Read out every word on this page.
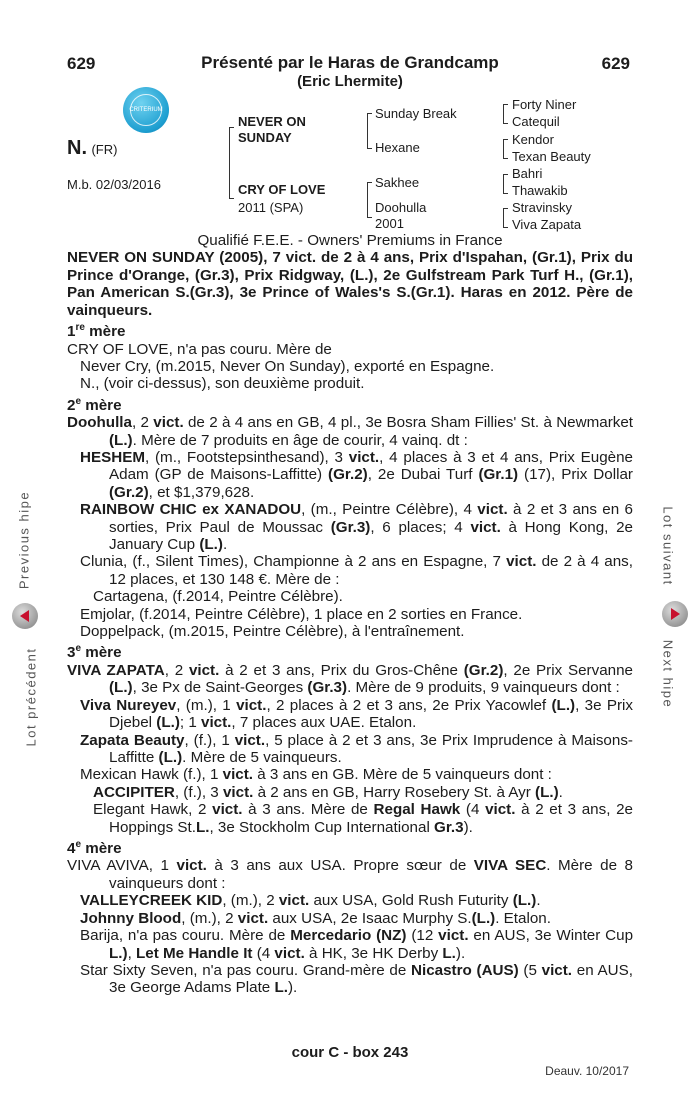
629	Présenté par le Haras de Grandcamp	629
(Eric Lhermite)
CRITERIUM
N. (FR)
M.b. 02/03/2016
NEVER ON SUNDAY
CRY OF LOVE
2011 (SPA)
Sunday Break
Hexane
Sakhee
Doohulla
2001
Forty Niner
Catequil
Kendor
Texan Beauty
Bahri
Thawakib
Stravinsky
Viva Zapata

Qualifié F.E.E. - Owners' Premiums in France

NEVER ON SUNDAY (2005), 7 vict. de 2 à 4 ans, Prix d'Ispahan, (Gr.1), Prix du Prince d'Orange, (Gr.3), Prix Ridgway, (L.), 2e Gulfstream Park Turf H., (Gr.1), Pan American S.(Gr.3), 3e Prince of Wales's S.(Gr.1). Haras en 2012. Père de vainqueurs.

1re mère

CRY OF LOVE, n'a pas couru. Mère de

Never Cry, (m.2015, Never On Sunday), exporté en Espagne.

N., (voir ci-dessus), son deuxième produit.

2e mère

Doohulla, 2 vict. de 2 à 4 ans en GB, 4 pl., 3e Bosra Sham Fillies' St. à Newmarket (L.). Mère de 7 produits en âge de courir, 4 vainq. dt :

HESHEM, (m., Footstepsinthesand), 3 vict., 4 places à 3 et 4 ans, Prix Eugène Adam (GP de Maisons-Laffitte) (Gr.2), 2e Dubai Turf (Gr.1) (17), Prix Dollar (Gr.2), et $1,379,628.

RAINBOW CHIC ex XANADOU, (m., Peintre Célèbre), 4 vict. à 2 et 3 ans en 6 sorties, Prix Paul de Moussac (Gr.3), 6 places; 4 vict. à Hong Kong, 2e January Cup (L.).

Clunia, (f., Silent Times), Championne à 2 ans en Espagne, 7 vict. de 2 à 4 ans, 12 places, et 130 148 €. Mère de :

Cartagena, (f.2014, Peintre Célèbre).

Emjolar, (f.2014, Peintre Célèbre), 1 place en 2 sorties en France.

Doppelpack, (m.2015, Peintre Célèbre), à l'entraînement.

3e mère

VIVA ZAPATA, 2 vict. à 2 et 3 ans, Prix du Gros-Chêne (Gr.2), 2e Prix Servanne (L.), 3e Px de Saint-Georges (Gr.3). Mère de 9 produits, 9 vainqueurs dont :

Viva Nureyev, (m.), 1 vict., 2 places à 2 et 3 ans, 2e Prix Yacowlef (L.), 3e Prix Djebel (L.); 1 vict., 7 places aux UAE. Etalon.

Zapata Beauty, (f.), 1 vict., 5 place à 2 et 3 ans, 3e Prix Imprudence à Maisons-Laffitte (L.). Mère de 5 vainqueurs.

Mexican Hawk (f.), 1 vict. à 3 ans en GB. Mère de 5 vainqueurs dont :

ACCIPITER, (f.), 3 vict. à 2 ans en GB, Harry Rosebery St. à Ayr (L.).

Elegant Hawk, 2 vict. à 3 ans. Mère de Regal Hawk (4 vict. à 2 et 3 ans, 2e Hoppings St.L., 3e Stockholm Cup International Gr.3).

4e mère

VIVA AVIVA, 1 vict. à 3 ans aux USA. Propre sœur de VIVA SEC. Mère de 8 vainqueurs dont :

VALLEYCREEK KID, (m.), 2 vict. aux USA, Gold Rush Futurity (L.).

Johnny Blood, (m.), 2 vict. aux USA, 2e Isaac Murphy S.(L.). Etalon.

Barija, n'a pas couru. Mère de Mercedario (NZ) (12 vict. en AUS, 3e Winter Cup L.), Let Me Handle It (4 vict. à HK, 3e HK Derby L.).

Star Sixty Seven, n'a pas couru. Grand-mère de Nicastro (AUS) (5 vict. en AUS, 3e George Adams Plate L.).

Previous hipe
Lot précédent
Lot suivant
Next hipe
cour C - box 243
Deauv. 10/2017
